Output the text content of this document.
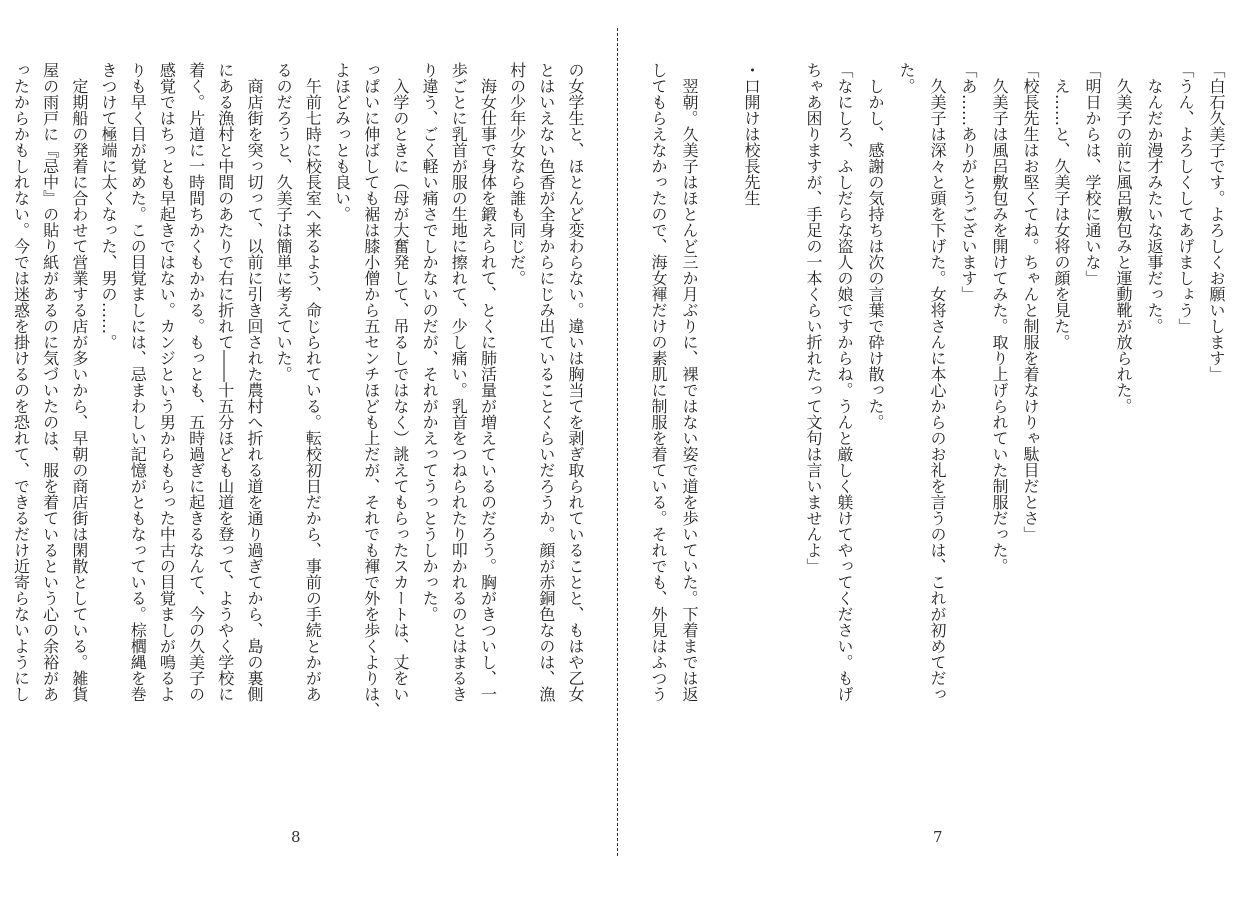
「白石久美子です。よろしくお願いします」
「うん、よろしくしてあげましょう」
　なんだか漫才みたいな返事だった。
　久美子の前に風呂敷包みと運動靴が放られた。
「明日からは、学校に通いな」
　え……と、久美子は女将の顔を見た。
「校長先生はお堅くてね。ちゃんと制服を着なけりゃ駄目だとさ」
　久美子は風呂敷包みを開けてみた。取り上げられていた制服だった。
「あ……ありがとうございます」
　久美子は深々と頭を下げた。女将さんに本心からのお礼を言うのは、これが初めてだっ
た。
　しかし、感謝の気持ちは次の言葉で砕け散った。
「なにしろ、ふしだらな盗人の娘ですからね。うんと厳しく躾けてやってください。もげ
ちゃあ困りますが、手足の一本くらい折れたって文句は言いませんよ」
・口開けは校長先生
　翌朝。久美子はほとんど三か月ぶりに、裸ではない姿で道を歩いていた。下着までは返
してもらえなかったので、海女褌だけの素肌に制服を着ている。それでも、外見はふつう
の女学生と、ほとんど変わらない。違いは胸当てを剥ぎ取られていることと、もはや乙女
とはいえない色香が全身からにじみ出ていることくらいだろうか。顔が赤銅色なのは、漁
村の少年少女なら誰も同じだ。
　海女仕事で身体を鍛えられて、とくに肺活量が増えているのだろう。胸がきついし、一
歩ごとに乳首が服の生地に擦れて、少し痛い。乳首をつねられたり叩かれるのとはまるき
り違う、ごく軽い痛さでしかないのだが、それがかえってうっとうしかった。
　入学のときに（母が大奮発して、吊るしではなく）誂えてもらったスカートは、丈をい
っぱいに伸ばしても裾は膝小僧から五センチほども上だが、それでも褌で外を歩くよりは、
よほどみっとも良い。
　午前七時に校長室へ来るよう、命じられている。転校初日だから、事前の手続とかがあ
るのだろうと、久美子は簡単に考えていた。
　商店街を突っ切って、以前に引き回された農村へ折れる道を通り過ぎてから、島の裏側
にある漁村と中間のあたりで右に折れて――十五分ほども山道を登って、ようやく学校に
着く。片道に一時間ちかくもかかる。もっとも、五時過ぎに起きるなんて、今の久美子の
感覚ではちっとも早起きではない。カンジという男からもらった中古の目覚ましが鳴るよ
りも早く目が覚めた。この目覚ましには、忌まわしい記憶がともなっている。棕櫚縄を巻
きつけて極端に太くなった、男の……。
　定期船の発着に合わせて営業する店が多いから、早朝の商店街は閑散としている。雑貨
屋の雨戸に『忌中』の貼り紙があるのに気づいたのは、服を着ているという心の余裕があ
ったからかもしれない。今では迷惑を掛けるのを恐れて、できるだけ近寄らないようにし
8	7
